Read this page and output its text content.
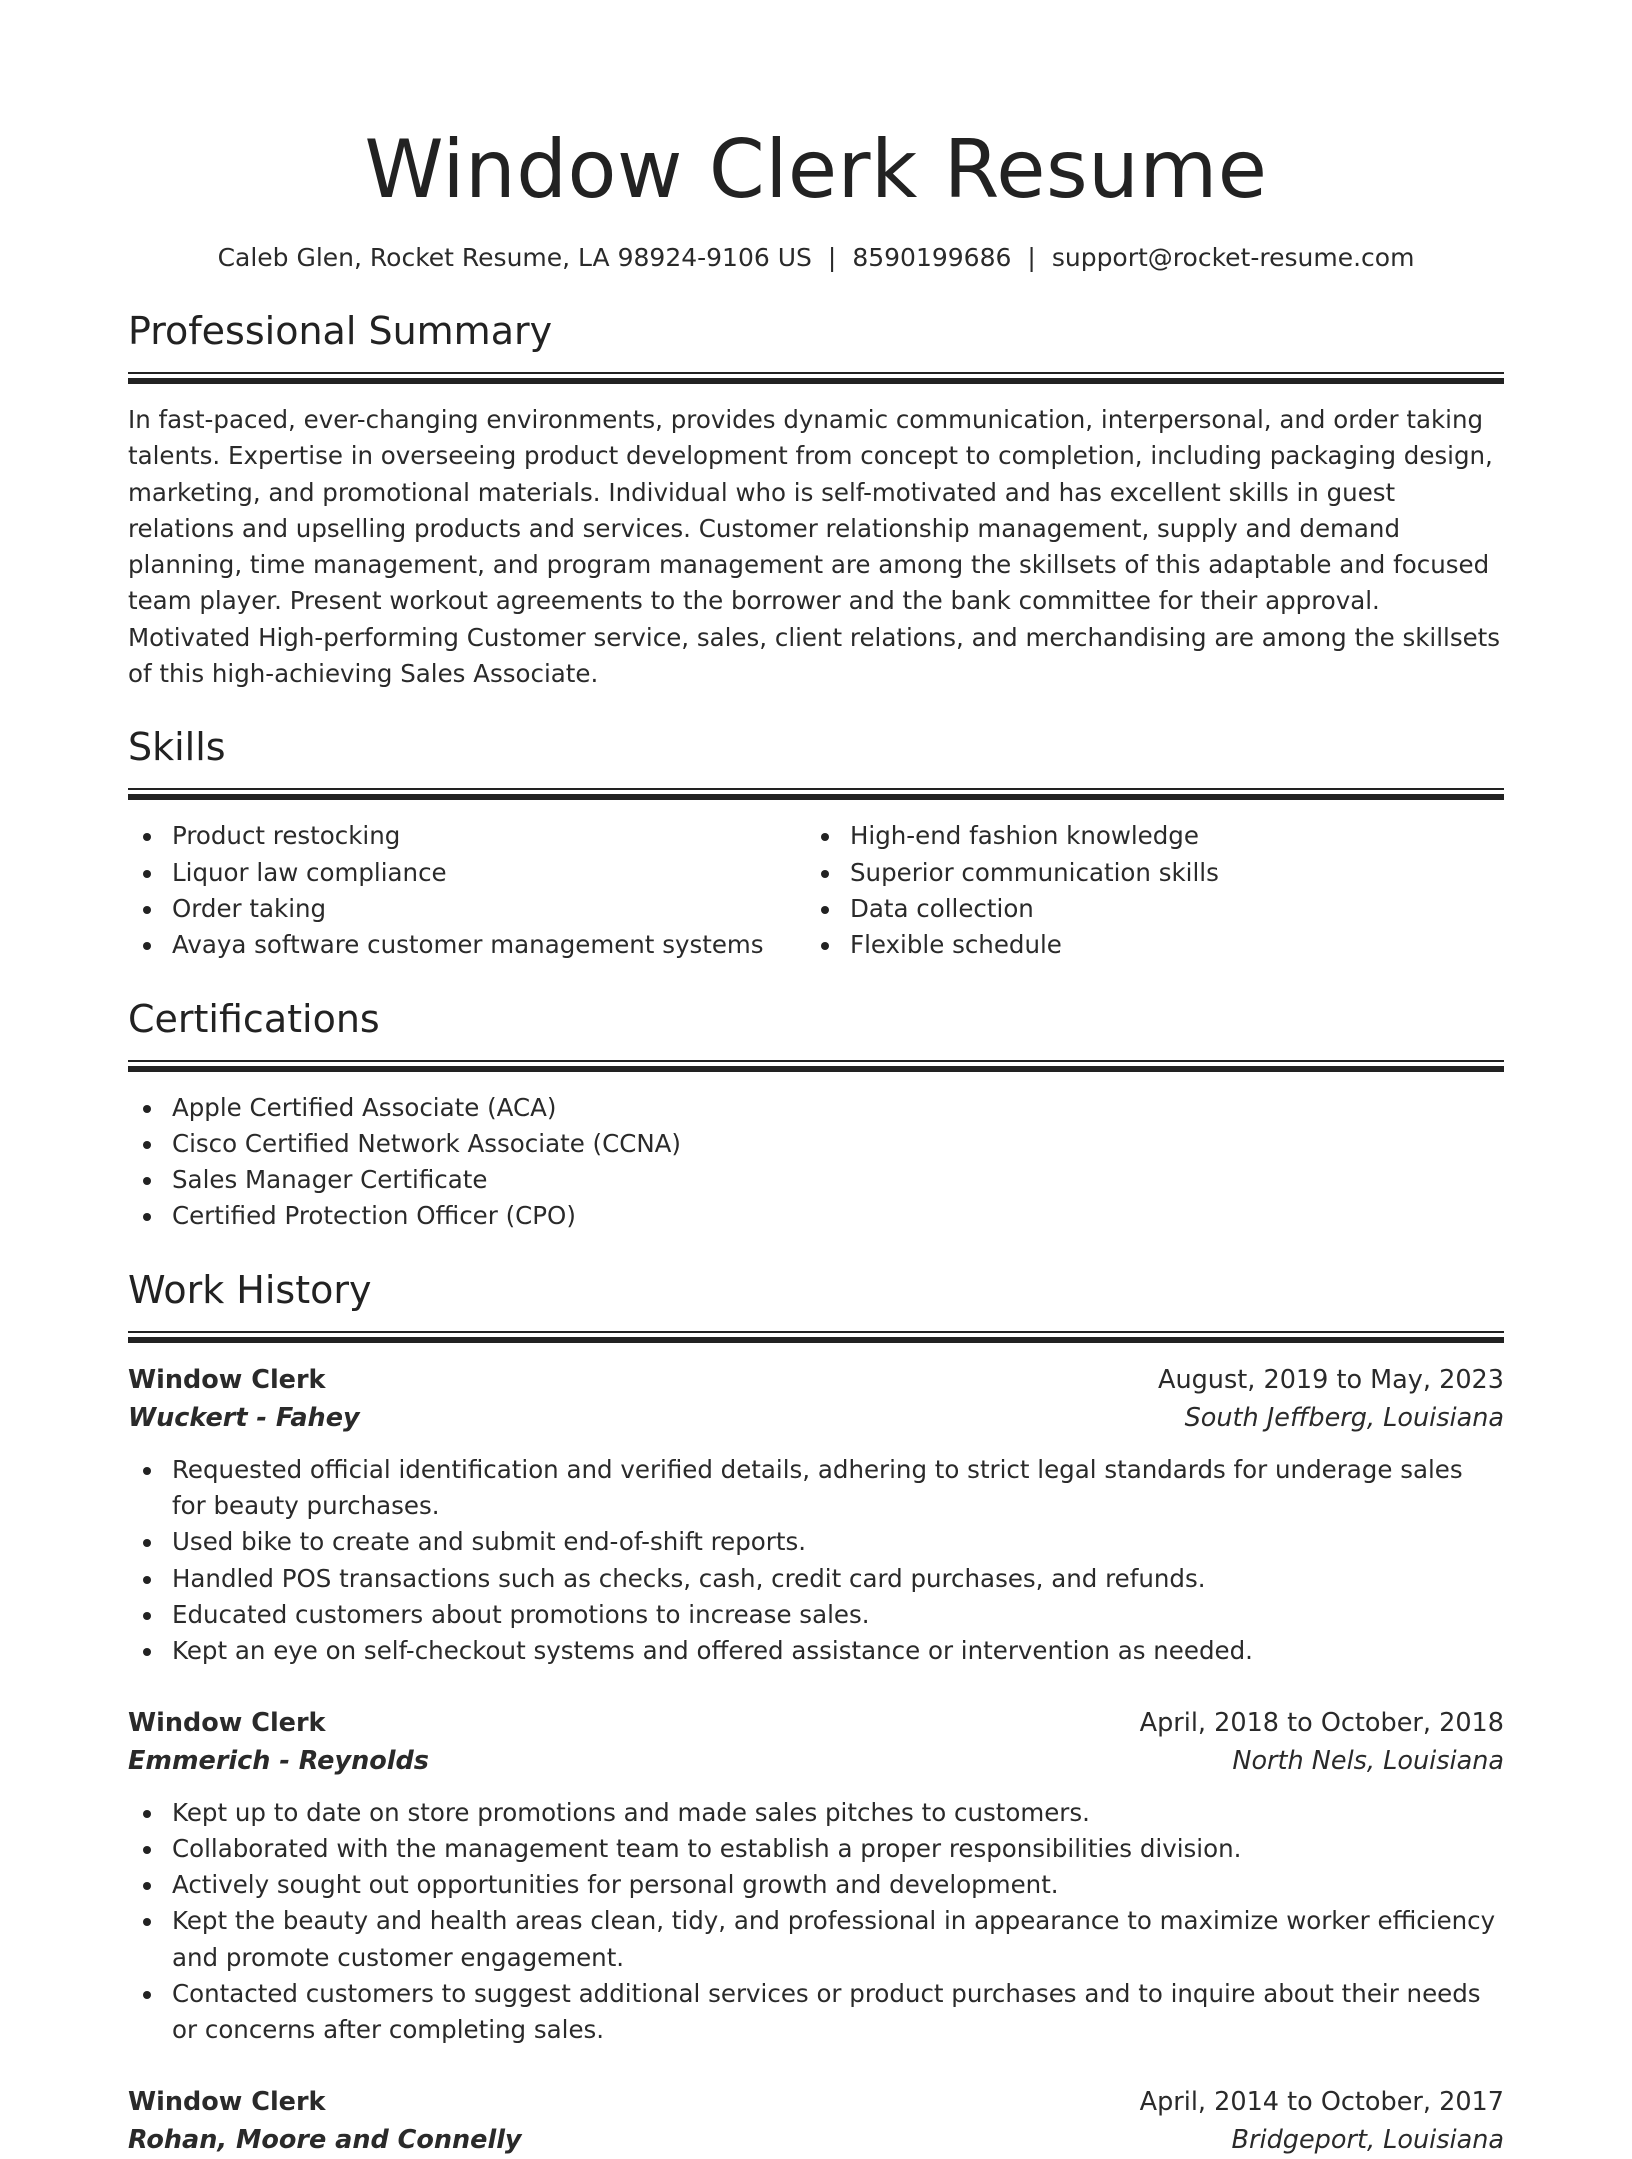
Window Clerk Resume
Caleb Glen, Rocket Resume, LA 98924-9106 US | 8590199686 | support@rocket-resume.com
Professional Summary
In fast-paced, ever-changing environments, provides dynamic communication, interpersonal, and order taking talents. Expertise in overseeing product development from concept to completion, including packaging design, marketing, and promotional materials. Individual who is self-motivated and has excellent skills in guest relations and upselling products and services. Customer relationship management, supply and demand planning, time management, and program management are among the skillsets of this adaptable and focused team player. Present workout agreements to the borrower and the bank committee for their approval. Motivated High-performing Customer service, sales, client relations, and merchandising are among the skillsets of this high-achieving Sales Associate.
Skills
Product restocking
Liquor law compliance
Order taking
Avaya software customer management systems
High-end fashion knowledge
Superior communication skills
Data collection
Flexible schedule
Certifications
Apple Certified Associate (ACA)
Cisco Certified Network Associate (CCNA)
Sales Manager Certificate
Certified Protection Officer (CPO)
Work History
Window Clerk	August, 2019 to May, 2023
Wuckert - Fahey	South Jeffberg, Louisiana
Requested official identification and verified details, adhering to strict legal standards for underage sales for beauty purchases.
Used bike to create and submit end-of-shift reports.
Handled POS transactions such as checks, cash, credit card purchases, and refunds.
Educated customers about promotions to increase sales.
Kept an eye on self-checkout systems and offered assistance or intervention as needed.
Window Clerk	April, 2018 to October, 2018
Emmerich - Reynolds	North Nels, Louisiana
Kept up to date on store promotions and made sales pitches to customers.
Collaborated with the management team to establish a proper responsibilities division.
Actively sought out opportunities for personal growth and development.
Kept the beauty and health areas clean, tidy, and professional in appearance to maximize worker efficiency and promote customer engagement.
Contacted customers to suggest additional services or product purchases and to inquire about their needs or concerns after completing sales.
Window Clerk	April, 2014 to October, 2017
Rohan, Moore and Connelly	Bridgeport, Louisiana
